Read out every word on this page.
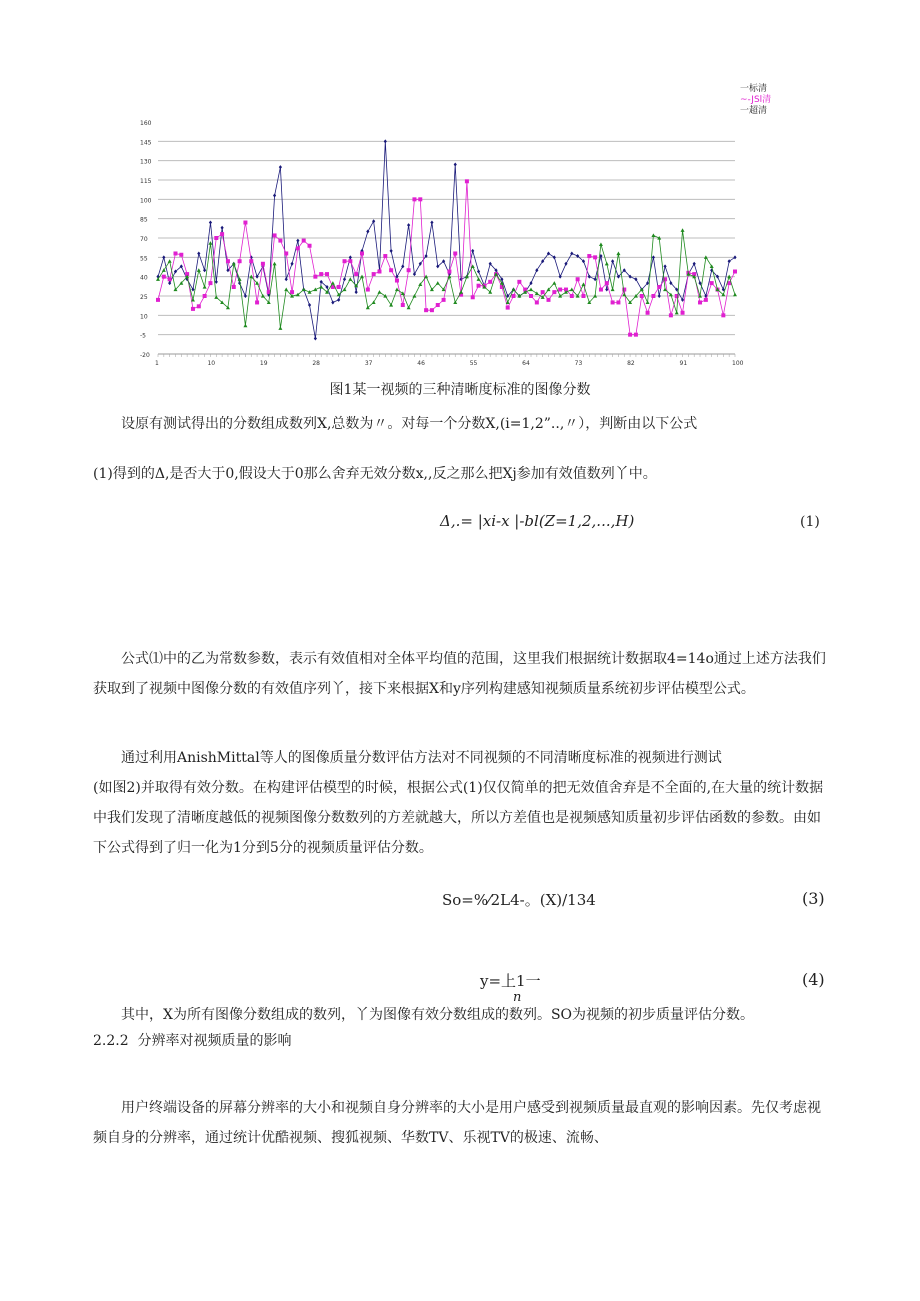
160
145
130
115
100
85
70
55
40
25
10
-5
-20
1	10	19	28	37	46	55	64	73	82	91	100
一标清
~-JSl清
一超清
图1某一视频的三种清晰度标准的图像分数
设原有测试得出的分数组成数列X,总数为〃。对每一个分数X,(i=1,2”..,〃），判断由以下公式
(1)得到的Δ,是否大于0,假设大于0那么舍弃无效分数x,,反之那么把Xj参加有效值数列丫中。
Δ,.= |xi-x |-bl(Z=1,2,...,H)	(1)
公式⑴中的乙为常数参数，表示有效值相对全体平均值的范围，这里我们根据统计数据取4=14o通过上述方法我们获取到了视频中图像分数的有效值序列丫，接下来根据X和y序列构建感知视频质量系统初步评估模型公式。
通过利用AnishMittal等人的图像质量分数评估方法对不同视频的不同清晰度标准的视频进行测试
(如图2)并取得有效分数。在构建评估模型的时候，根据公式(1)仅仅简单的把无效值舍弃是不全面的,在大量的统计数据中我们发现了清晰度越低的视频图像分数数列的方差就越大，所以方差值也是视频感知质量初步评估函数的参数。由如下公式得到了归一化为1分到5分的视频质量评估分数。
So=%⁄2L4-。(X)/134	(3)
y=上1一
n
(4)
其中，X为所有图像分数组成的数列，丫为图像有效分数组成的数列。SO为视频的初步质量评估分数。
2.2.2 分辨率对视频质量的影响
用户终端设备的屏幕分辨率的大小和视频自身分辨率的大小是用户感受到视频质量最直观的影响因素。先仅考虑视频自身的分辨率，通过统计优酷视频、搜狐视频、华数TV、乐视TV的极速、流畅、
